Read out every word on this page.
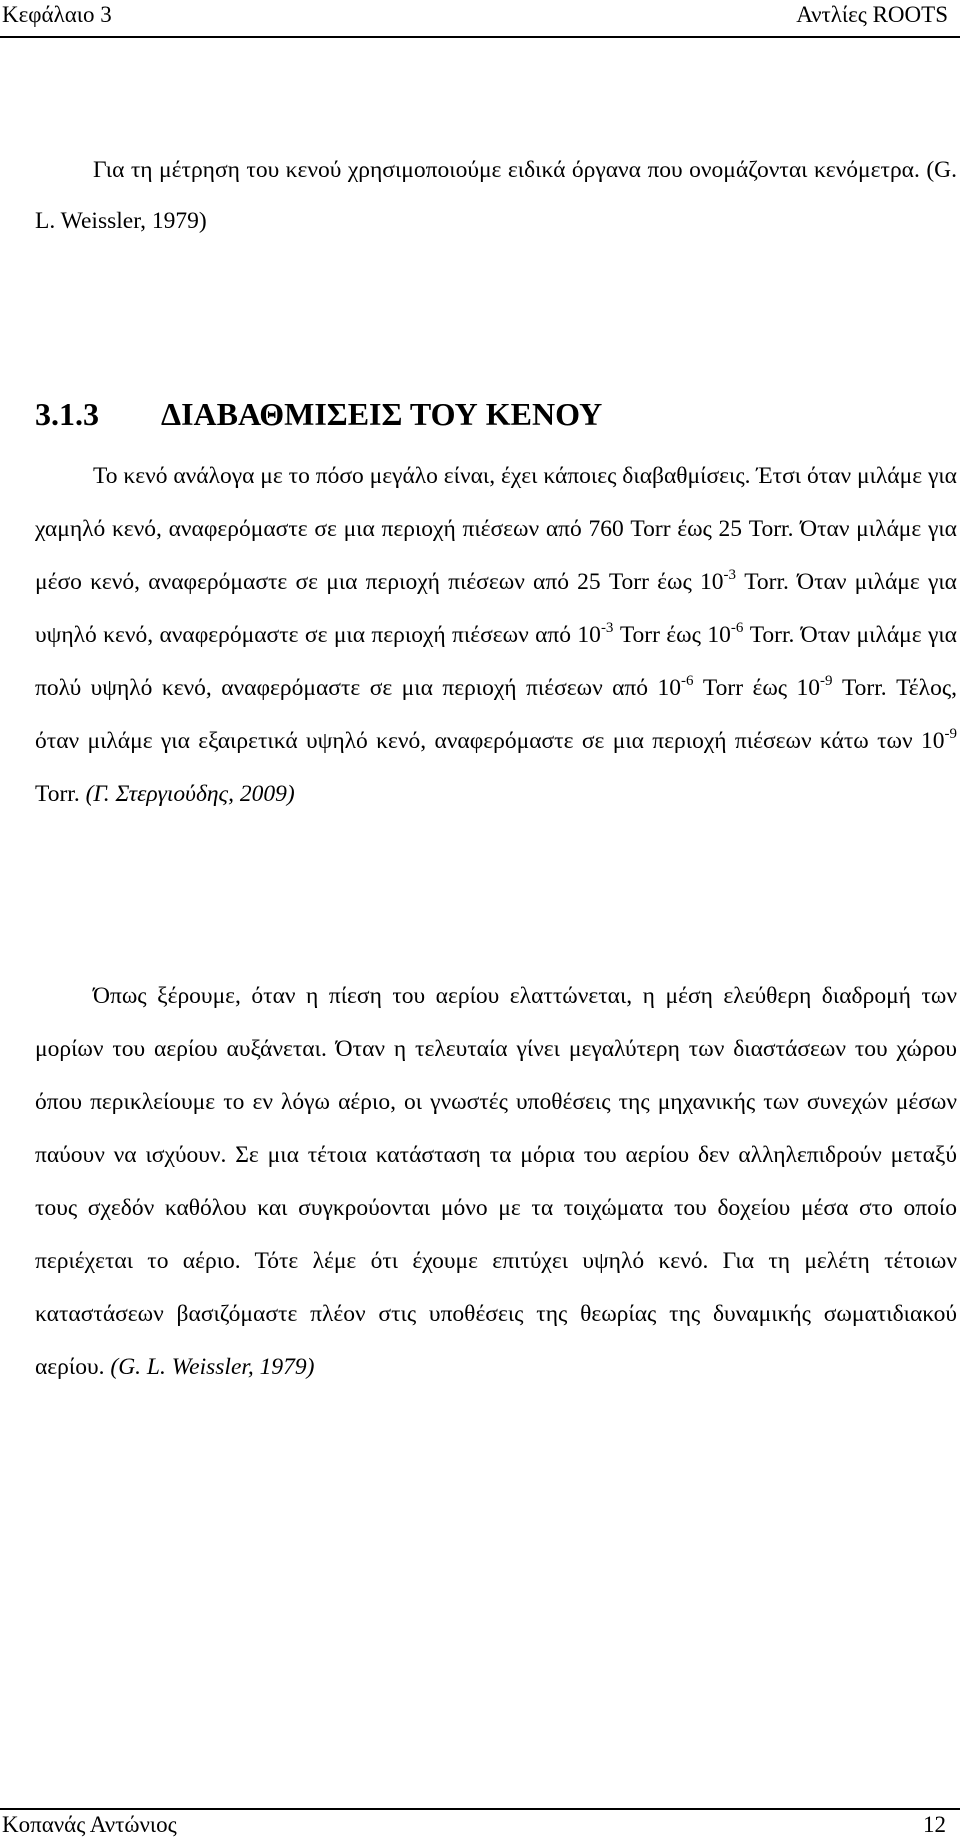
Κεφάλαιο 3	Αντλίες ROOTS

Για τη μέτρηση του κενού χρησιμοποιούμε ειδικά όργανα που ονομάζονται κενόμετρα. (G. L. Weissler, 1979)

3.1.3 ΔΙΑΒΑΘΜΙΣΕΙΣ ΤΟΥ ΚΕΝΟΥ

Το κενό ανάλογα με το πόσο μεγάλο είναι, έχει κάποιες διαβαθμίσεις. Έτσι όταν μιλάμε για χαμηλό κενό, αναφερόμαστε σε μια περιοχή πιέσεων από 760 Torr έως 25 Torr. Όταν μιλάμε για μέσο κενό, αναφερόμαστε σε μια περιοχή πιέσεων από 25 Torr έως $10^{-3}$ Torr. Όταν μιλάμε για υψηλό κενό, αναφερόμαστε σε μια περιοχή πιέσεων από $10^{-3}$ Torr έως $10^{-6}$ Torr. Όταν μιλάμε για πολύ υψηλό κενό, αναφερόμαστε σε μια περιοχή πιέσεων από $10^{-6}$ Torr έως $10^{-9}$ Torr. Τέλος, όταν μιλάμε για εξαιρετικά υψηλό κενό, αναφερόμαστε σε μια περιοχή πιέσεων κάτω των $10^{-9}$ Torr. (Γ. Στεργιούδης, 2009)

Όπως ξέρουμε, όταν η πίεση του αερίου ελαττώνεται, η μέση ελεύθερη διαδρομή των μορίων του αερίου αυξάνεται. Όταν η τελευταία γίνει μεγαλύτερη των διαστάσεων του χώρου όπου περικλείουμε το εν λόγω αέριο, οι γνωστές υποθέσεις της μηχανικής των συνεχών μέσων παύουν να ισχύουν. Σε μια τέτοια κατάσταση τα μόρια του αερίου δεν αλληλεπιδρούν μεταξύ τους σχεδόν καθόλου και συγκρούονται μόνο με τα τοιχώματα του δοχείου μέσα στο οποίο περιέχεται το αέριο. Τότε λέμε ότι έχουμε επιτύχει υψηλό κενό. Για τη μελέτη τέτοιων καταστάσεων βασιζόμαστε πλέον στις υποθέσεις της θεωρίας της δυναμικής σωματιδιακού αερίου. (G. L. Weissler, 1979)

Κοπανάς Αντώνιος	12
